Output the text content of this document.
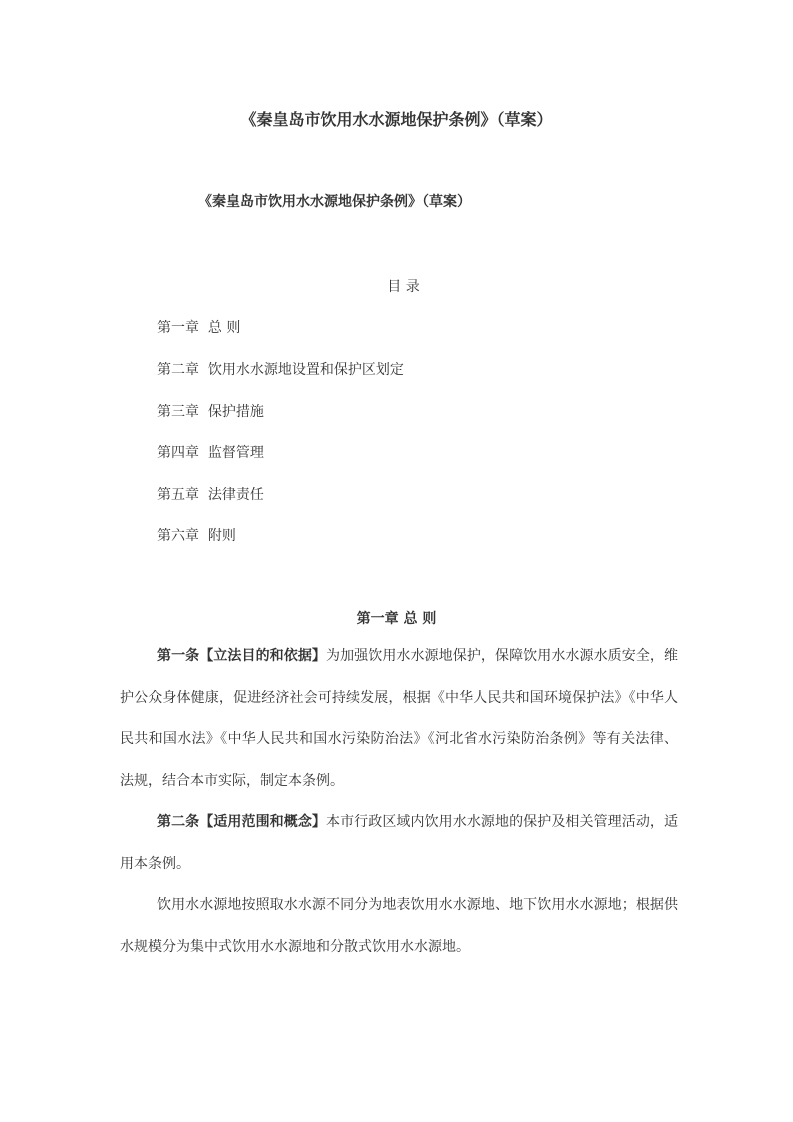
《秦皇岛市饮用水水源地保护条例》（草案）
《秦皇岛市饮用水水源地保护条例》（草案）
目 录
第一章 总 则
第二章 饮用水水源地设置和保护区划定
第三章 保护措施
第四章 监督管理
第五章 法律责任
第六章 附则
第一章 总 则

第一条【立法目的和依据】为加强饮用水水源地保护，保障饮用水水源水质安全，维护公众身体健康，促进经济社会可持续发展，根据《中华人民共和国环境保护法》《中华人民共和国水法》《中华人民共和国水污染防治法》《河北省水污染防治条例》等有关法律、法规，结合本市实际，制定本条例。

第二条【适用范围和概念】本市行政区域内饮用水水源地的保护及相关管理活动，适用本条例。

饮用水水源地按照取水水源不同分为地表饮用水水源地、地下饮用水水源地；根据供水规模分为集中式饮用水水源地和分散式饮用水水源地。
